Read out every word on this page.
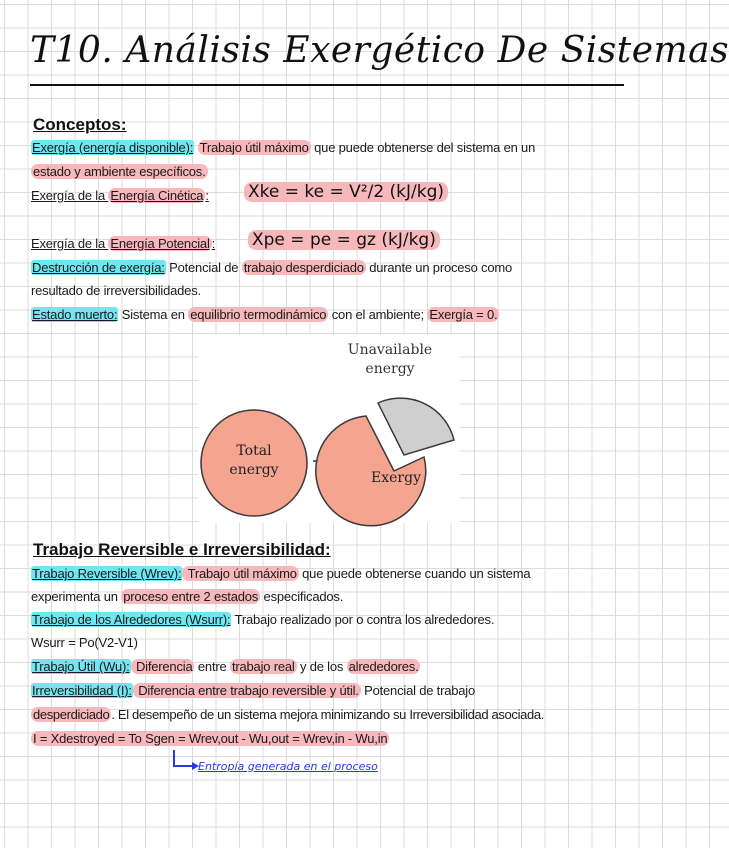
T10. Análisis Exergético De Sistemas
Conceptos:
Exergía (energía disponible): Trabajo útil máximo que puede obtenerse del sistema en un
estado y ambiente específicos.
Exergía de la Energía Cinética : Xke = ke = V²/2 (kJ/kg)
Exergía de la Energía Potencial : Xpe = pe = gz (kJ/kg)
Destrucción de exergía: Potencial de trabajo desperdiciado durante un proceso como
resultado de irreversibilidades.
Estado muerto: Sistema en equilibrio termodinámico con el ambiente; Exergía = 0.
Total
energy	Exergy
Unavailable
energy
Trabajo Reversible e Irreversibilidad:
Trabajo Reversible (Wrev): Trabajo útil máximo que puede obtenerse cuando un sistema
experimenta un proceso entre 2 estados especificados.
Trabajo de los Alrededores (Wsurr): Trabajo realizado por o contra los alrededores.
Wsurr = Po(V2-V1)
Trabajo Útil (Wu): Diferencia entre trabajo real y de los alrededores.
Irreversibilidad (I): Diferencia entre trabajo reversible y útil. Potencial de trabajo
desperdiciado . El desempeño de un sistema mejora minimizando su Irreversibilidad asociada.
I = Xdestroyed = To Sgen = Wrev,out - Wu,out = Wrev,in - Wu,in
Entropía generada en el proceso
